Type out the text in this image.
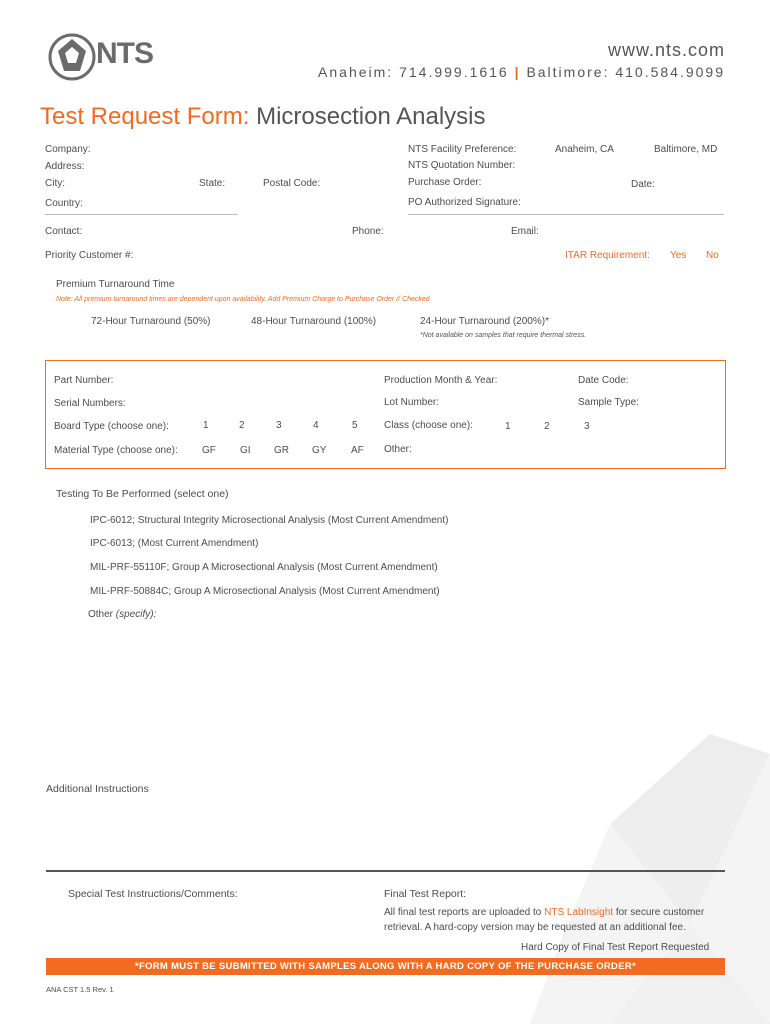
NTS	www.nts.com
Anaheim: 714.999.1616 | Baltimore: 410.584.9099
Test Request Form: Microsection Analysis
Company:
Address:
City:	State:	Postal Code:
Country:
NTS Facility Preference:	Anaheim, CA	Baltimore, MD
NTS Quotation Number:
Purchase Order:	Date:
PO Authorized Signature:
Contact:	Phone:	Email:
Priority Customer #:	ITAR Requirement: Yes No
Premium Turnaround Time
Note: All premium turnaround times are dependent upon availability. Add Premium Charge to Purchase Order // Checked
72-Hour Turnaround (50%)	48-Hour Turnaround (100%)	24-Hour Turnaround (200%)*
*Not available on samples that require thermal stress.
Part Number:	Production Month & Year:	Date Code:
Serial Numbers:	Lot Number:	Sample Type:
Board Type (choose one):	1	2	3	4	5	Class (choose one):	1	2	3
Material Type (choose one): GF GI GR GY AF Other:
Testing To Be Performed (select one)
IPC-6012; Structural Integrity Microsectional Analysis (Most Current Amendment)
IPC-6013; (Most Current Amendment)
MIL-PRF-55110F; Group A Microsectional Analysis (Most Current Amendment)
MIL-PRF-50884C; Group A Microsectional Analysis (Most Current Amendment)
Other (specify):
Additional Instructions
Special Test Instructions/Comments:	Final Test Report:
All final test reports are uploaded to NTS LabInsight for secure customer
retrieval. A hard-copy version may be requested at an additional fee.
Hard Copy of Final Test Report Requested
*FORM MUST BE SUBMITTED WITH SAMPLES ALONG WITH A HARD COPY OF THE PURCHASE ORDER*
ANA CST 1.5 Rev. 1
